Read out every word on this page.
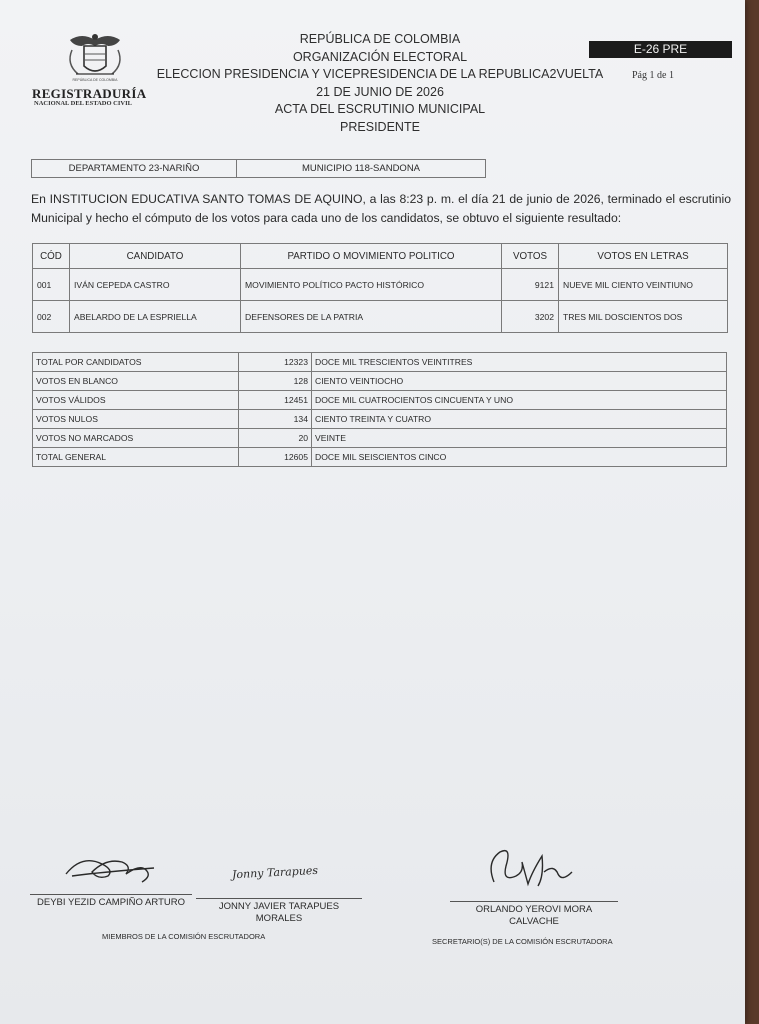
REPÚBLICA DE COLOMBIA
REGISTRADURÍA
NACIONAL DEL ESTADO CIVIL
REPÚBLICA DE COLOMBIA
ORGANIZACIÓN ELECTORAL
ELECCION PRESIDENCIA Y VICEPRESIDENCIA DE LA REPUBLICA2VUELTA
21 DE JUNIO DE 2026
ACTA DEL ESCRUTINIO MUNICIPAL
PRESIDENTE
E-26 PRE
Pág 1 de 1
DEPARTAMENTO 23-NARIÑO	MUNICIPIO 118-SANDONA
En INSTITUCION EDUCATIVA SANTO TOMAS DE AQUINO, a las 8:23 p. m. el día 21 de junio de 2026, terminado el escrutinio Municipal y hecho el cómputo de los votos para cada uno de los candidatos, se obtuvo el siguiente resultado:
CÓD	CANDIDATO	PARTIDO O MOVIMIENTO POLITICO	VOTOS	VOTOS EN LETRAS
001	IVÁN CEPEDA CASTRO	MOVIMIENTO POLÍTICO PACTO HISTÓRICO	9121	NUEVE MIL CIENTO VEINTIUNO
002	ABELARDO DE LA ESPRIELLA	DEFENSORES DE LA PATRIA	3202	TRES MIL DOSCIENTOS DOS
TOTAL POR CANDIDATOS	12323	DOCE MIL TRESCIENTOS VEINTITRES
VOTOS EN BLANCO	128	CIENTO VEINTIOCHO
VOTOS VÁLIDOS	12451	DOCE MIL CUATROCIENTOS CINCUENTA Y UNO
VOTOS NULOS	134	CIENTO TREINTA Y CUATRO
VOTOS NO MARCADOS	20	VEINTE
TOTAL GENERAL	12605	DOCE MIL SEISCIENTOS CINCO
Jonny Tarapues
DEYBI YEZID CAMPIÑO ARTURO	JONNY JAVIER TARAPUES
MORALES
ORLANDO YEROVI MORA
CALVACHE
MIEMBROS DE LA COMISIÓN ESCRUTADORA
SECRETARIO(S) DE LA COMISIÓN ESCRUTADORA
